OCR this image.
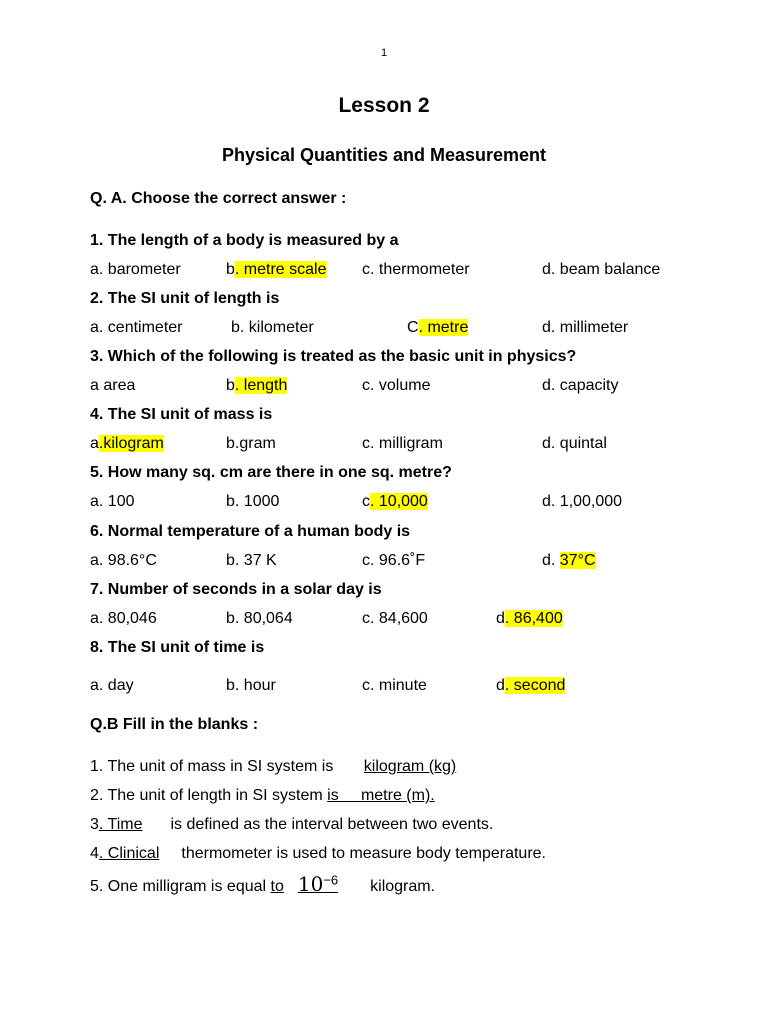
1
Lesson 2
Physical Quantities and Measurement
Q. A. Choose the correct answer :
1. The length of a body is measured by a
a. barometer	b. metre scale c. thermometer	d. beam balance
2. The SI unit of length is
a. centimeter	b. kilometer	C. metre	d. millimeter
3. Which of the following is treated as the basic unit in physics?
a area	b. length	c. volume	d. capacity
4. The SI unit of mass is
a.kilogram	b.gram	c. milligram	d. quintal
5. How many sq. cm are there in one sq. metre?
a. 100	b. 1000	c. 10,000	d. 1,00,000
6. Normal temperature of a human body is
a. 98.6°C	b. 37 K	c. 96.6˚F	d. 37°C
7. Number of seconds in a solar day is
a. 80,046	b. 80,064	c. 84,600	d. 86,400
8. The SI unit of time is
a. day	b. hour	c. minute	d. second
Q.B Fill in the blanks :
1. The unit of mass in SI system is kilogram (kg)
2. The unit of length in SI system is     metre (m).
3. Time is defined as the interval between two events.
4. Clinical thermometer is used to measure body temperature.
5. One milligram is equal to $10^{-6}$ kilogram.
